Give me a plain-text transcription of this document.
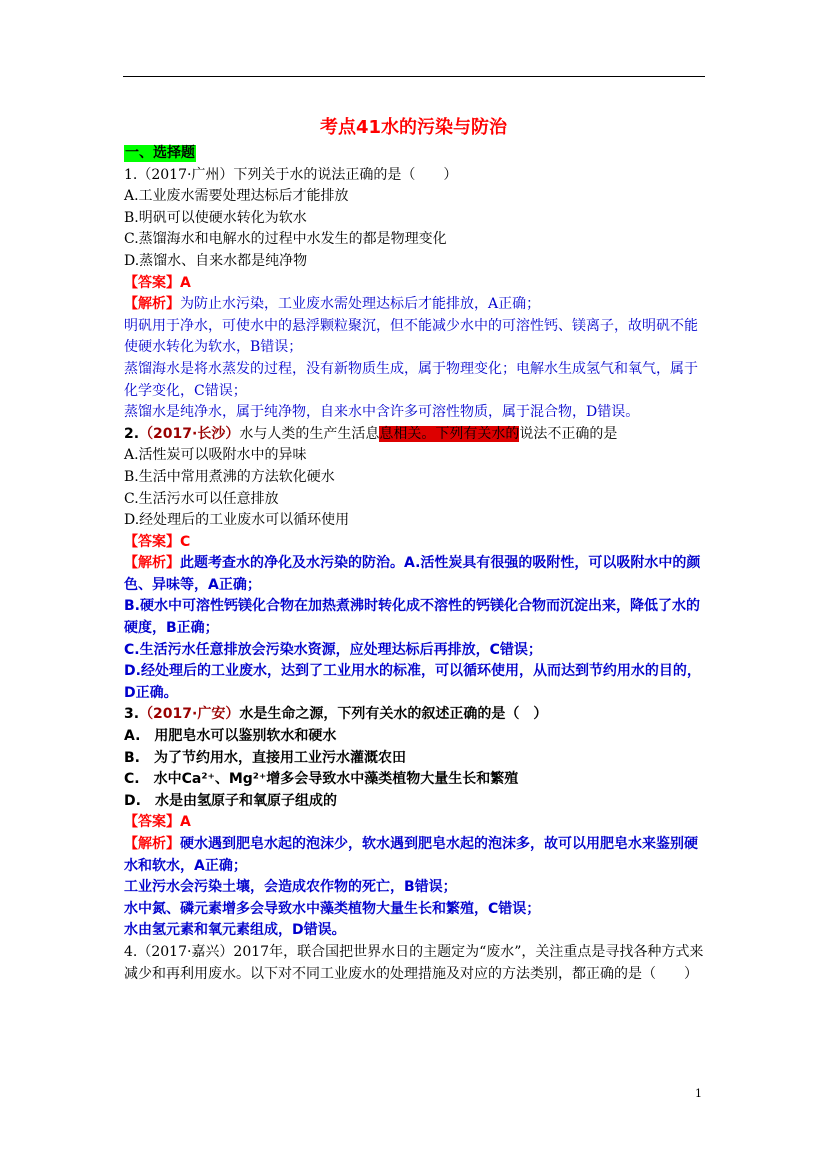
考点41水的污染与防治
一、选择题
1.（2017·广州）下列关于水的说法正确的是（　　）
A.工业废水需要处理达标后才能排放
B.明矾可以使硬水转化为软水
C.蒸馏海水和电解水的过程中水发生的都是物理变化
D.蒸馏水、自来水都是纯净物
【答案】A
【解析】为防止水污染，工业废水需处理达标后才能排放，A正确；
明矾用于净水，可使水中的悬浮颗粒聚沉，但不能减少水中的可溶性钙、镁离子，故明矾不能使硬水转化为软水，B错误；
蒸馏海水是将水蒸发的过程，没有新物质生成，属于物理变化；电解水生成氢气和氧气，属于化学变化，C错误；
蒸馏水是纯净水，属于纯净物，自来水中含许多可溶性物质，属于混合物，D错误。
2.（2017·长沙）水与人类的生产生活息息相关。下列有关水的说法不正确的是
A.活性炭可以吸附水中的异味
B.生活中常用煮沸的方法软化硬水
C.生活污水可以任意排放
D.经处理后的工业废水可以循环使用
【答案】C
【解析】此题考查水的净化及水污染的防治。A.活性炭具有很强的吸附性，可以吸附水中的颜色、异味等，A正确；
B.硬水中可溶性钙镁化合物在加热煮沸时转化成不溶性的钙镁化合物而沉淀出来，降低了水的硬度，B正确；
C.生活污水任意排放会污染水资源，应处理达标后再排放，C错误；
D.经处理后的工业废水，达到了工业用水的标准，可以循环使用，从而达到节约用水的目的，D正确。
3.（2017·广安）水是生命之源，下列有关水的叙述正确的是（　）
A.　用肥皂水可以鉴别软水和硬水
B.　为了节约用水，直接用工业污水灌溉农田
C.　水中Ca²⁺、Mg²⁺增多会导致水中藻类植物大量生长和繁殖
D.　水是由氢原子和氧原子组成的
【答案】A
【解析】硬水遇到肥皂水起的泡沫少，软水遇到肥皂水起的泡沫多，故可以用肥皂水来鉴别硬水和软水，A正确；
工业污水会污染土壤，会造成农作物的死亡，B错误；
水中氮、磷元素增多会导致水中藻类植物大量生长和繁殖，C错误；
水由氢元素和氧元素组成，D错误。
4.（2017·嘉兴）2017年，联合国把世界水日的主题定为“废水”，关注重点是寻找各种方式来减少和再利用废水。以下对不同工业废水的处理措施及对应的方法类别，都正确的是（　　）
1
